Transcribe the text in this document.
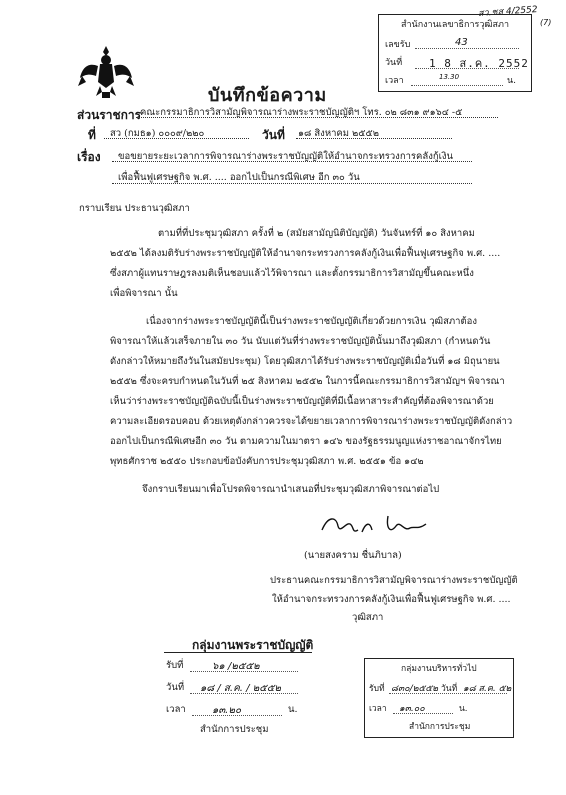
สว.ชส 4/2552
(7)
สำนักงานเลขาธิการวุฒิสภา
เลขรับ	43
วันที่ 1 8 ส.ค. 2552
เวลา	13.30	น.
บันทึกข้อความ
ส่วนราชการ
คณะกรรมาธิการวิสามัญพิจารณาร่างพระราชบัญญัติฯ โทร. ๐๒ ๘๓๑ ๙๑๖๔ -๕
ที่ สว (กมธ๑) ๐๐๐๙/๒๒๐	วันที่ ๑๘ สิงหาคม ๒๕๕๒
เรื่อง ขอขยายระยะเวลาการพิจารณาร่างพระราชบัญญัติให้อำนาจกระทรวงการคลังกู้เงิน
เพื่อฟื้นฟูเศรษฐกิจ พ.ศ. .... ออกไปเป็นกรณีพิเศษ อีก ๓๐ วัน
กราบเรียน ประธานวุฒิสภา
ตามที่ที่ประชุมวุฒิสภา ครั้งที่ ๒ (สมัยสามัญนิติบัญญัติ) วันจันทร์ที่ ๑๐ สิงหาคม
๒๕๕๒ ได้ลงมติรับร่างพระราชบัญญัติให้อำนาจกระทรวงการคลังกู้เงินเพื่อฟื้นฟูเศรษฐกิจ พ.ศ. ....
ซึ่งสภาผู้แทนราษฎรลงมติเห็นชอบแล้วไว้พิจารณา และตั้งกรรมาธิการวิสามัญขึ้นคณะหนึ่ง
เพื่อพิจารณา นั้น
เนื่องจากร่างพระราชบัญญัตินี้เป็นร่างพระราชบัญญัติเกี่ยวด้วยการเงิน วุฒิสภาต้อง
พิจารณาให้แล้วเสร็จภายใน ๓๐ วัน นับแต่วันที่ร่างพระราชบัญญัตินั้นมาถึงวุฒิสภา (กำหนดวัน
ดังกล่าวให้หมายถึงวันในสมัยประชุม) โดยวุฒิสภาได้รับร่างพระราชบัญญัติเมื่อวันที่ ๑๘ มิถุนายน
๒๕๕๒ ซึ่งจะครบกำหนดในวันที่ ๒๕ สิงหาคม ๒๕๕๒ ในการนี้คณะกรรมาธิการวิสามัญฯ พิจารณา
เห็นว่าร่างพระราชบัญญัติฉบับนี้เป็นร่างพระราชบัญญัติที่มีเนื้อหาสาระสำคัญที่ต้องพิจารณาด้วย
ความละเอียดรอบคอบ ด้วยเหตุดังกล่าวควรจะได้ขยายเวลาการพิจารณาร่างพระราชบัญญัติดังกล่าว
ออกไปเป็นกรณีพิเศษอีก ๓๐ วัน ตามความในมาตรา ๑๔๖ ของรัฐธรรมนูญแห่งราชอาณาจักรไทย
พุทธศักราช ๒๕๕๐ ประกอบข้อบังคับการประชุมวุฒิสภา พ.ศ. ๒๕๕๑ ข้อ ๑๔๒
จึงกราบเรียนมาเพื่อโปรดพิจารณานำเสนอที่ประชุมวุฒิสภาพิจารณาต่อไป
(นายสงคราม ชื่นภิบาล)
ประธานคณะกรรมาธิการวิสามัญพิจารณาร่างพระราชบัญญัติ
ให้อำนาจกระทรวงการคลังกู้เงินเพื่อฟื้นฟูเศรษฐกิจ พ.ศ. ....
วุฒิสภา
กลุ่มงานพระราชบัญญัติ
รับที่	๖๑ /๒๕๕๒
วันที่ ๑๘ / ส.ค. / ๒๕๕๒
เวลา	๑๓.๒๐	น.
สำนักการประชุม
กลุ่มงานบริหารทั่วไป
รับที่ ๘๓๐/๒๕๕๒ วันที่ ๑๘ ส.ค. ๕๒
เวลา ๑๓.๐๐	น.
สำนักการประชุม
